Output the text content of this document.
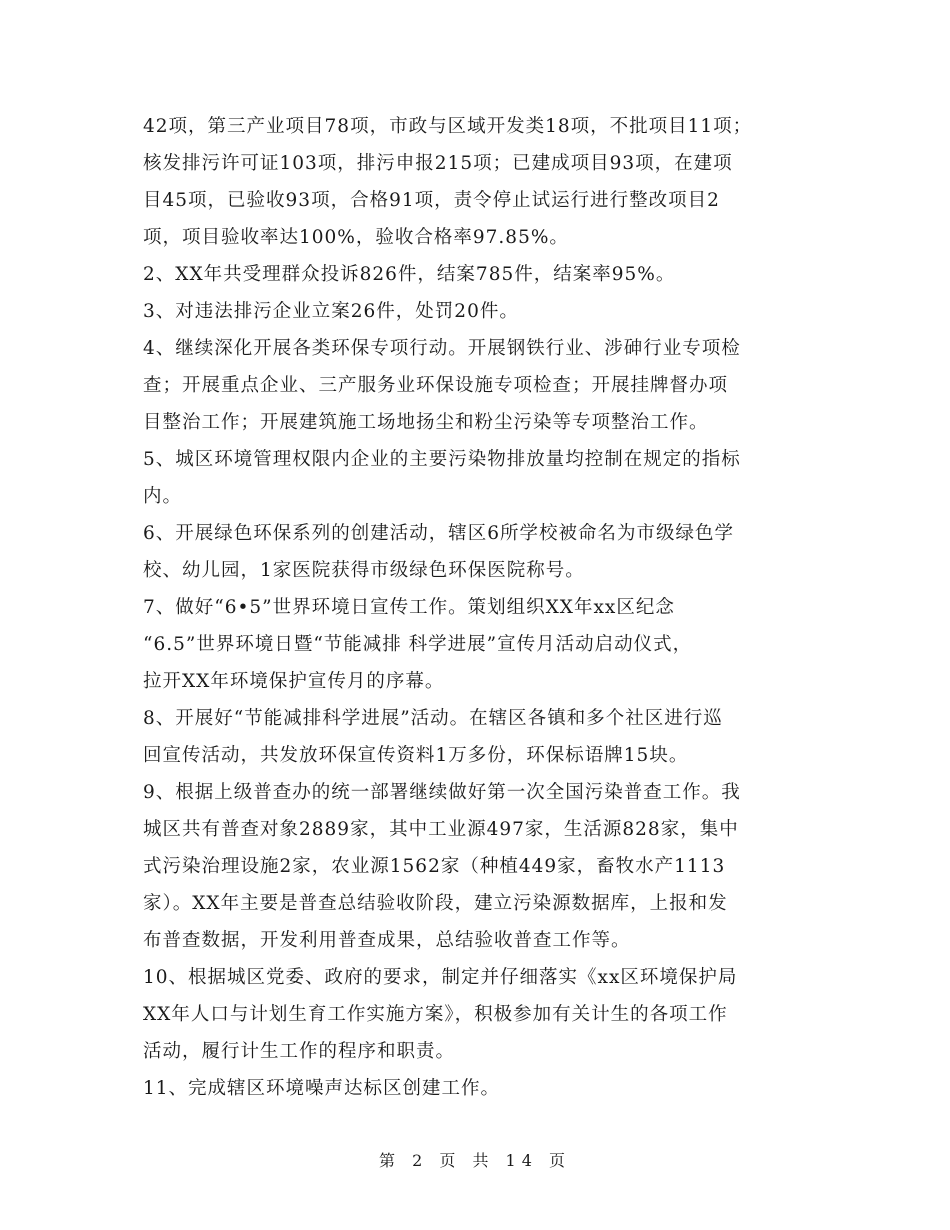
42项，第三产业项目78项，市政与区域开发类18项，不批项目11项；
核发排污许可证103项，排污申报215项；已建成项目93项，在建项
目45项，已验收93项，合格91项，责令停止试运行进行整改项目2
项，项目验收率达100%，验收合格率97.85%。
2、XX年共受理群众投诉826件，结案785件，结案率95%。
3、对违法排污企业立案26件，处罚20件。
4、继续深化开展各类环保专项行动。开展钢铁行业、涉砷行业专项检
查；开展重点企业、三产服务业环保设施专项检查；开展挂牌督办项
目整治工作；开展建筑施工场地扬尘和粉尘污染等专项整治工作。
5、城区环境管理权限内企业的主要污染物排放量均控制在规定的指标
内。
6、开展绿色环保系列的创建活动，辖区6所学校被命名为市级绿色学
校、幼儿园，1家医院获得市级绿色环保医院称号。
7、做好“6•5”世界环境日宣传工作。策划组织XX年xx区纪念
“6.5”世界环境日暨“节能减排 科学进展”宣传月活动启动仪式，
拉开XX年环境保护宣传月的序幕。
8、开展好“节能减排科学进展”活动。在辖区各镇和多个社区进行巡
回宣传活动，共发放环保宣传资料1万多份，环保标语牌15块。
9、根据上级普查办的统一部署继续做好第一次全国污染普查工作。我
城区共有普查对象2889家，其中工业源497家，生活源828家，集中
式污染治理设施2家，农业源1562家（种植449家，畜牧水产1113
家）。XX年主要是普查总结验收阶段，建立污染源数据库，上报和发
布普查数据，开发利用普查成果，总结验收普查工作等。
10、根据城区党委、政府的要求，制定并仔细落实《xx区环境保护局
XX年人口与计划生育工作实施方案》，积极参加有关计生的各项工作
活动，履行计生工作的程序和职责。
11、完成辖区环境噪声达标区创建工作。
第 2 页 共 14 页
